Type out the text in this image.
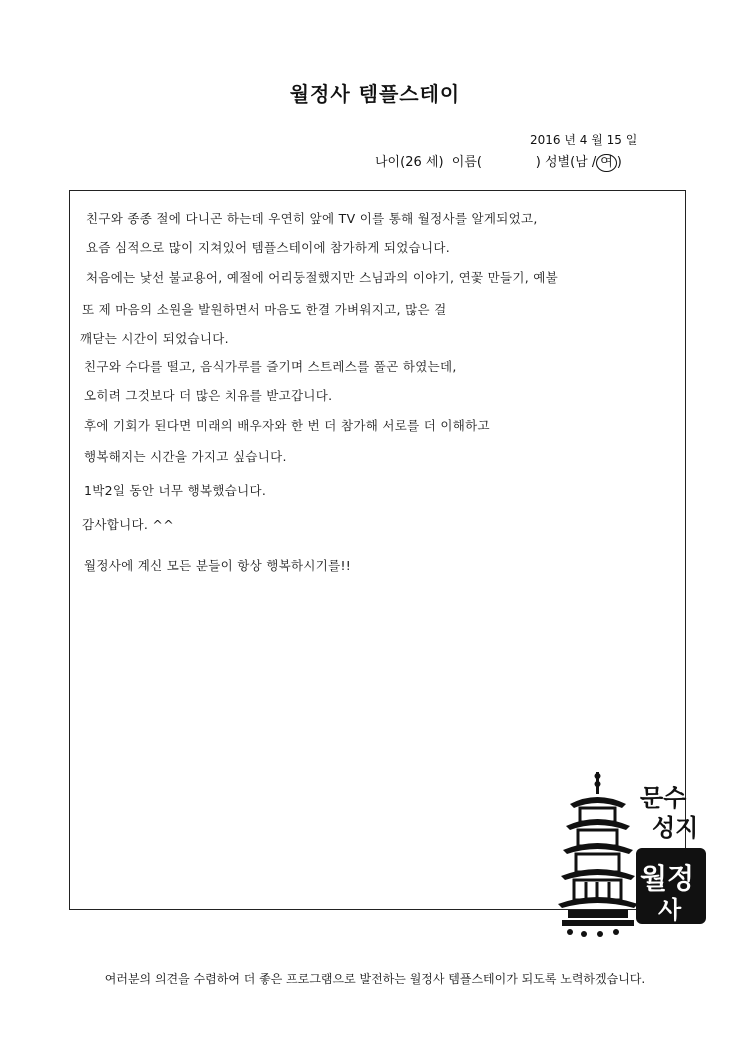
월정사 템플스테이
2016 년 4 월 15 일
나이(26 세) 이름(	) 성별(남 / 여 )
친구와 종종 절에 다니곤 하는데 우연히 앞에 TV 이를 통해 월정사를 알게되었고,
요즘 심적으로 많이 지쳐있어 템플스테이에 참가하게 되었습니다.
처음에는 낯선 불교용어, 예절에 어리둥절했지만 스님과의 이야기, 연꽃 만들기, 예불
또 제 마음의 소원을 발원하면서 마음도 한결 가벼워지고, 많은 걸
깨닫는 시간이 되었습니다.
친구와 수다를 떨고, 음식가루를 즐기며 스트레스를 풀곤 하였는데,
오히려 그것보다 더 많은 치유를 받고갑니다.
후에 기회가 된다면 미래의 배우자와 한 번 더 참가해 서로를 더 이해하고
행복해지는 시간을 가지고 싶습니다.
1박2일 동안 너무 행복했습니다.
감사합니다. ^^
월정사에 계신 모든 분들이 항상 행복하시기를!!
문수
성지
월정
사
여러분의 의견을 수렴하여 더 좋은 프로그램으로 발전하는 월정사 템플스테이가 되도록 노력하겠습니다.
